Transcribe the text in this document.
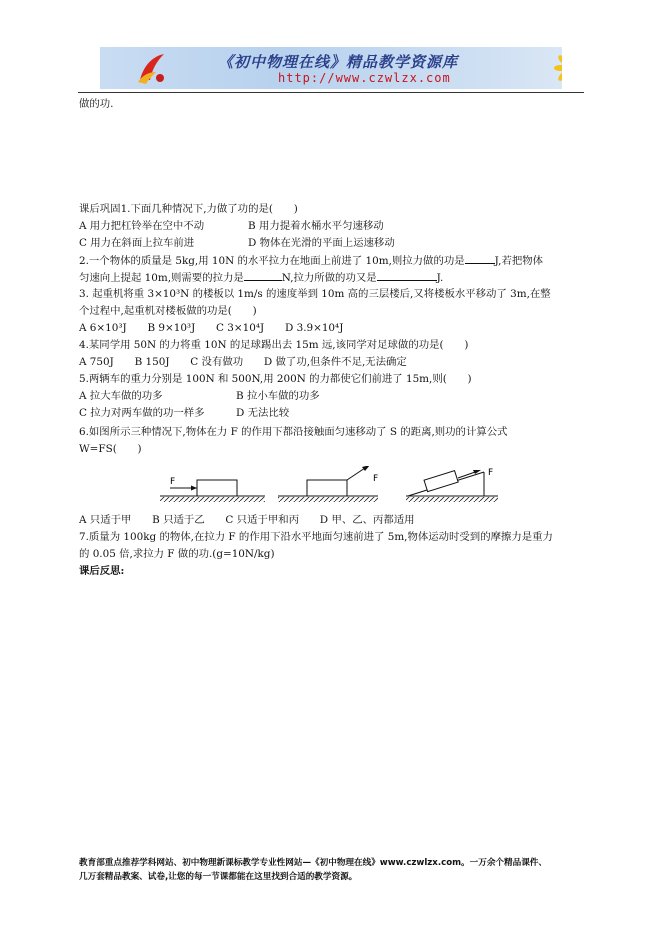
《初中物理在线》精品教学资源库
http://www.czwlzx.com
做的功.
课后巩固1.下面几种情况下,力做了功的是(　　)
A 用力把杠铃举在空中不动	B 用力提着水桶水平匀速移动
C 用力在斜面上拉车前进	D 物体在光滑的平面上运速移动
2.一个物体的质量是 5kg,用 10N 的水平拉力在地面上前进了 10m,则拉力做的功是	J,若把物体
匀速向上提起 10m,则需要的拉力是	N,拉力所做的功又是	J.
3. 起重机将重 3×10³N 的楼板以 1m/s 的速度举到 10m 高的三层楼后,又将楼板水平移动了 3m,在整
个过程中,起重机对楼板做的功是(　　)
A 6×10³J　　B 9×10³J　　C 3×10⁴J　　D 3.9×10⁴J
4.某同学用 50N 的力将重 10N 的足球踢出去 15m 远,该同学对足球做的功是(　　)
A 750J　　B 150J　　C 没有做功　　D 做了功,但条件不足,无法确定
5.两辆车的重力分别是 100N 和 500N,用 200N 的力都使它们前进了 15m,则(　　)
A 拉大车做的功多	B 拉小车做的功多
C 拉力对两车做的功一样多	D 无法比较
6.如图所示三种情况下,物体在力 F 的作用下都沿接触面匀速移动了 S 的距离,则功的计算公式
W=FS(　　)
F	F
F
A 只适于甲　　B 只适于乙　　C 只适于甲和丙　　D 甲、乙、丙都适用
7.质量为 100kg 的物体,在拉力 F 的作用下沿水平地面匀速前进了 5m,物体运动时受到的摩擦力是重力
的 0.05 倍,求拉力 F 做的功.(g=10N/kg)
课后反思:
教育部重点推荐学科网站、初中物理新课标教学专业性网站—《初中物理在线》www.czwlzx.com。一万余个精品课件、
几万套精品教案、试卷,让您的每一节课都能在这里找到合适的教学资源。
